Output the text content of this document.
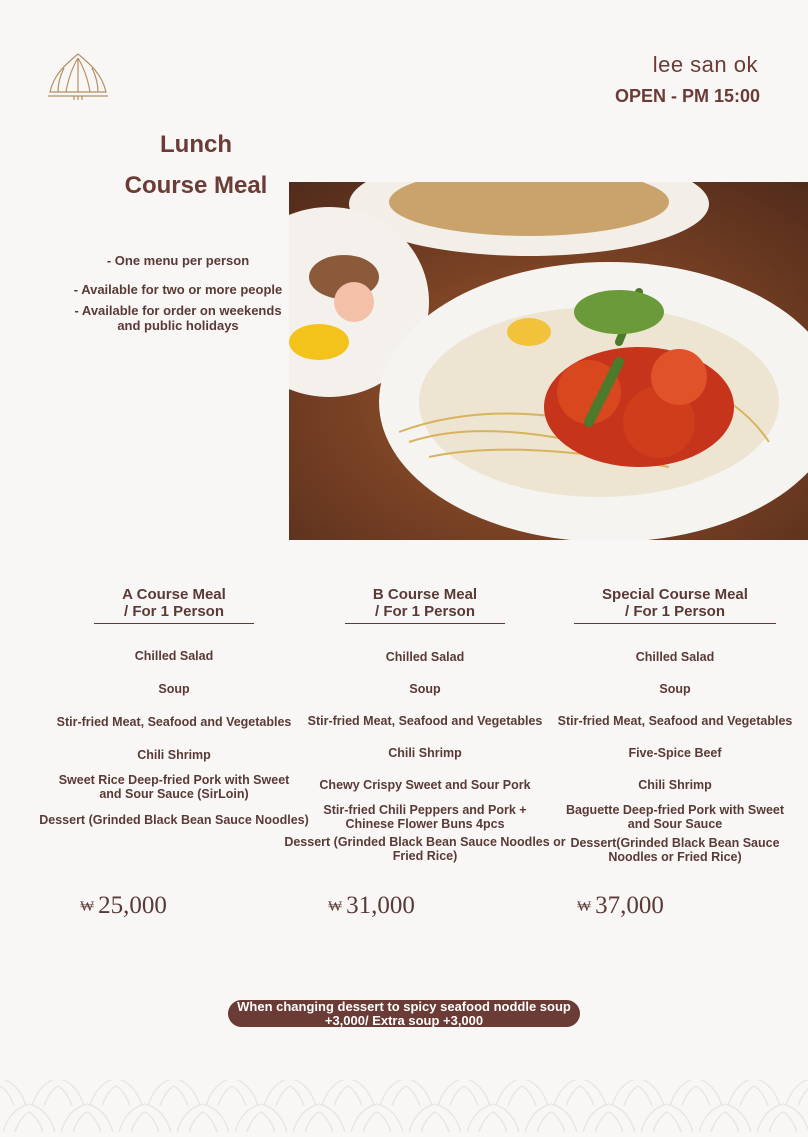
lee san ok
OPEN - PM 15:00
Lunch
Course Meal
- One menu per person
- Available for two or more people
- Available for order on weekends and public holidays
A Course Meal
/ For 1 Person
Chilled Salad
Soup
Stir-fried Meat, Seafood and Vegetables
Chili Shrimp
Sweet Rice Deep-fried Pork with Sweet and Sour Sauce (SirLoin)
Dessert (Grinded Black Bean Sauce Noodles)
B Course Meal
/ For 1 Person
Chilled Salad
Soup
Stir-fried Meat, Seafood and Vegetables
Chili Shrimp
Chewy Crispy Sweet and Sour Pork
Stir-fried Chili Peppers and Pork + Chinese Flower Buns 4pcs
Dessert (Grinded Black Bean Sauce Noodles or Fried Rice)
Special Course Meal
/ For 1 Person
Chilled Salad
Soup
Stir-fried Meat, Seafood and Vegetables
Five-Spice Beef
Chili Shrimp
Baguette Deep-fried Pork with Sweet and Sour Sauce
Dessert(Grinded Black Bean Sauce Noodles or Fried Rice)
₩ 25,000	₩ 31,000	₩ 37,000
When changing dessert to spicy seafood noddle soup +3,000/ Extra soup +3,000
